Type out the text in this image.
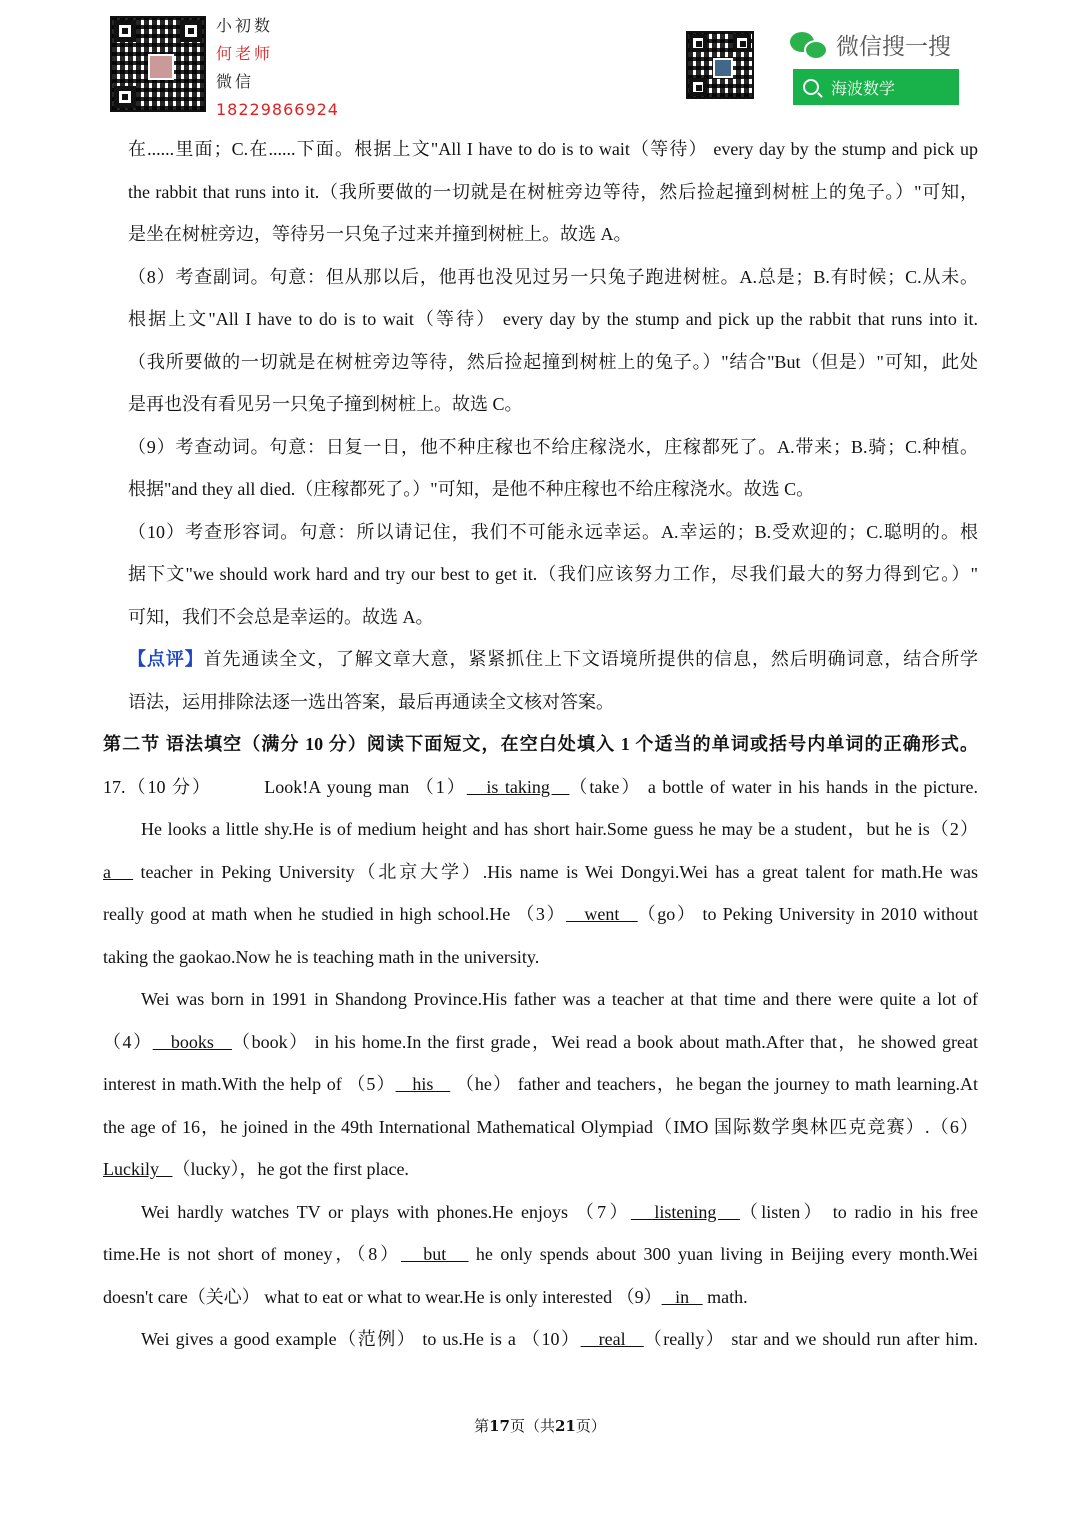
小初数
何老师
微信
18229866924
微信搜一搜
海波数学
在......里面；C.在......下面。根据上文"All I have to do is to wait（等待） every day by the stump and pick up
the rabbit that runs into it.（我所要做的一切就是在树桩旁边等待，然后捡起撞到树桩上的兔子。）"可知，
是坐在树桩旁边，等待另一只兔子过来并撞到树桩上。故选 A。
（8）考查副词。句意：但从那以后，他再也没见过另一只兔子跑进树桩。A.总是；B.有时候；C.从未。
根据上文"All I have to do is to wait（等待） every day by the stump and pick up the rabbit that runs into it.
（我所要做的一切就是在树桩旁边等待，然后捡起撞到树桩上的兔子。）"结合"But（但是）"可知，此处
是再也没有看见另一只兔子撞到树桩上。故选 C。
（9）考查动词。句意：日复一日，他不种庄稼也不给庄稼浇水，庄稼都死了。A.带来；B.骑；C.种植。
根据"and they all died.（庄稼都死了。）"可知，是他不种庄稼也不给庄稼浇水。故选 C。
（10）考查形容词。句意：所以请记住，我们不可能永远幸运。A.幸运的；B.受欢迎的；C.聪明的。根
据下文"we should work hard and try our best to get it.（我们应该努力工作，尽我们最大的努力得到它。）"
可知，我们不会总是幸运的。故选 A。
【点评】首先通读全文，了解文章大意，紧紧抓住上下文语境所提供的信息，然后明确词意，结合所学
语法，运用排除法逐一选出答案，最后再通读全文核对答案。
第二节 语法填空（满分 10 分）阅读下面短文，在空白处填入 1 个适当的单词或括号内单词的正确形式。
17.（10 分）	Look!A young man （1）   is taking   （take） a bottle of water in his hands in the picture.
He looks a little shy.He is of medium height and has short hair.Some guess he may be a student，but he is（2）
a    teacher in Peking University（北京大学）.His name is Wei Dongyi.Wei has a great talent for math.He was
really good at math when he studied in high school.He （3）   went   （go） to Peking University in 2010 without
taking the gaokao.Now he is teaching math in the university.
Wei was born in 1991 in Shandong Province.His father was a teacher at that time and there were quite a lot of
（4）   books   （book） in his home.In the first grade，Wei read a book about math.After that，he showed great
interest in math.With the help of （5）   his    （he） father and teachers，he began the journey to math learning.At
the age of 16，he joined in the 49th International Mathematical Olympiad（IMO 国际数学奥林匹克竞赛）.（6）
Luckily   （lucky），he got the first place.
Wei hardly watches TV or plays with phones.He enjoys （7）   listening   （listen） to radio in his free
time.He is not short of money，（8）   but    he only spends about 300 yuan living in Beijing every month.Wei
doesn't care（关心） what to eat or what to wear.He is only interested （9）   in    math.
Wei gives a good example（范例） to us.He is a （10）   real   （really） star and we should run after him.
第17页（共21页）
